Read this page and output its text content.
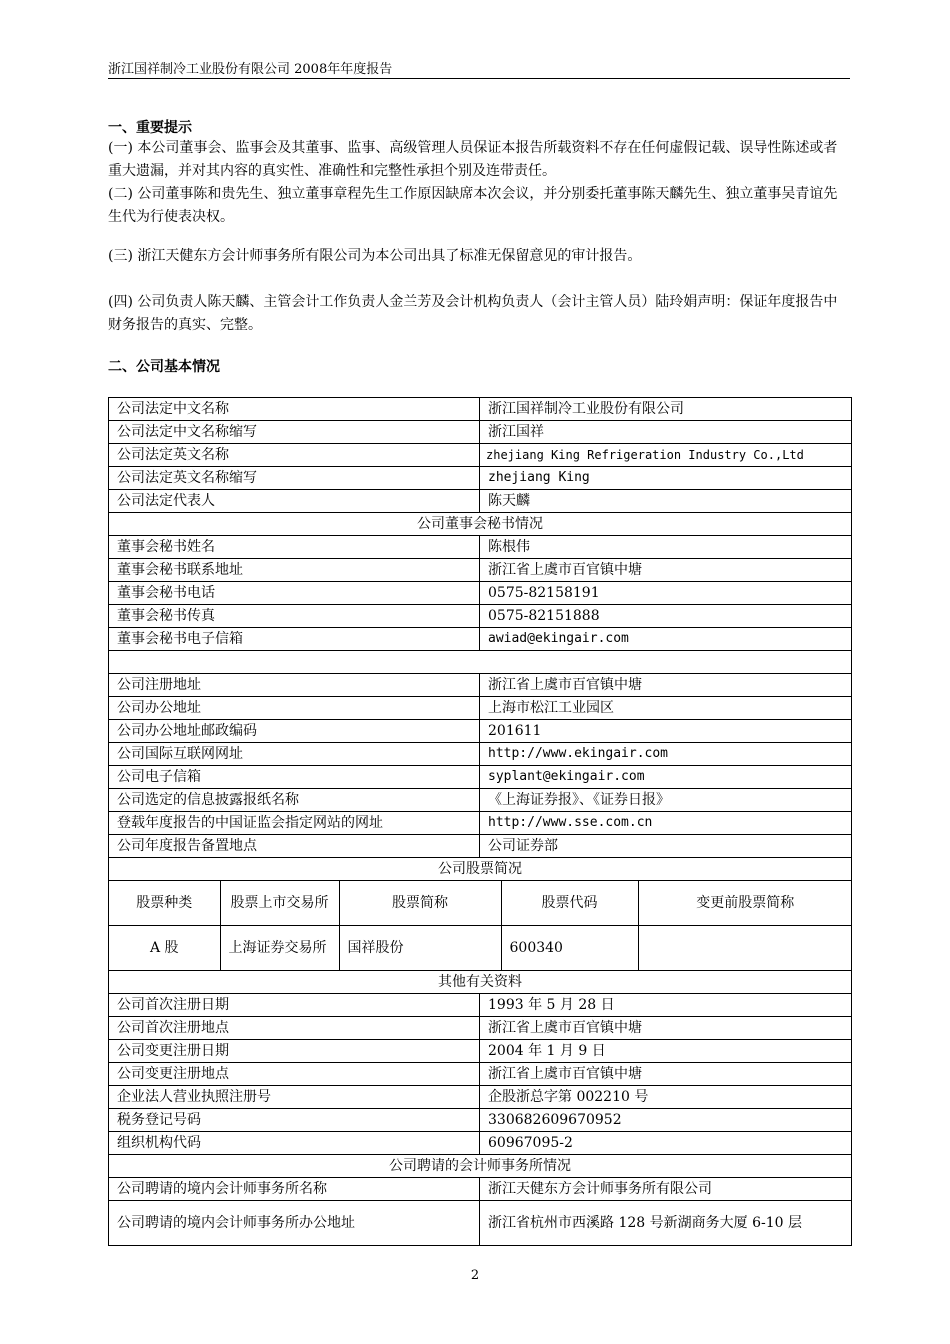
浙江国祥制冷工业股份有限公司 2008年年度报告
一、重要提示
(一) 本公司董事会、监事会及其董事、监事、高级管理人员保证本报告所载资料不存在任何虚假记载、误导性陈述或者重大遗漏，并对其内容的真实性、准确性和完整性承担个别及连带责任。
(二) 公司董事陈和贵先生、独立董事章程先生工作原因缺席本次会议，并分别委托董事陈天麟先生、独立董事吴青谊先生代为行使表决权。
(三) 浙江天健东方会计师事务所有限公司为本公司出具了标准无保留意见的审计报告。
(四) 公司负责人陈天麟、主管会计工作负责人金兰芳及会计机构负责人（会计主管人员）陆玲娟声明：保证年度报告中财务报告的真实、完整。
二、公司基本情况
公司法定中文名称	浙江国祥制冷工业股份有限公司
公司法定中文名称缩写	浙江国祥
公司法定英文名称	zhejiang King Refrigeration Industry Co.,Ltd
公司法定英文名称缩写	zhejiang King
公司法定代表人	陈天麟
公司董事会秘书情况
董事会秘书姓名	陈根伟
董事会秘书联系地址	浙江省上虞市百官镇中塘
董事会秘书电话	0575-82158191
董事会秘书传真	0575-82151888
董事会秘书电子信箱	awiad@ekingair.com

公司注册地址	浙江省上虞市百官镇中塘
公司办公地址	上海市松江工业园区
公司办公地址邮政编码	201611
公司国际互联网网址	http://www.ekingair.com
公司电子信箱	syplant@ekingair.com
公司选定的信息披露报纸名称	《上海证券报》、《证券日报》
登载年度报告的中国证监会指定网站的网址	http://www.sse.com.cn
公司年度报告备置地点	公司证券部
公司股票简况

股票种类	股票上市交易所	股票简称	股票代码	变更前股票简称
A 股	上海证券交易所	国祥股份	600340	

其他有关资料
公司首次注册日期	1993 年 5 月 28 日
公司首次注册地点	浙江省上虞市百官镇中塘
公司变更注册日期	2004 年 1 月 9 日
公司变更注册地点	浙江省上虞市百官镇中塘
企业法人营业执照注册号	企股浙总字第 002210 号
税务登记号码	330682609670952
组织机构代码	60967095-2
公司聘请的会计师事务所情况
公司聘请的境内会计师事务所名称	浙江天健东方会计师事务所有限公司
公司聘请的境内会计师事务所办公地址	浙江省杭州市西溪路 128 号新湖商务大厦 6-10 层
2
